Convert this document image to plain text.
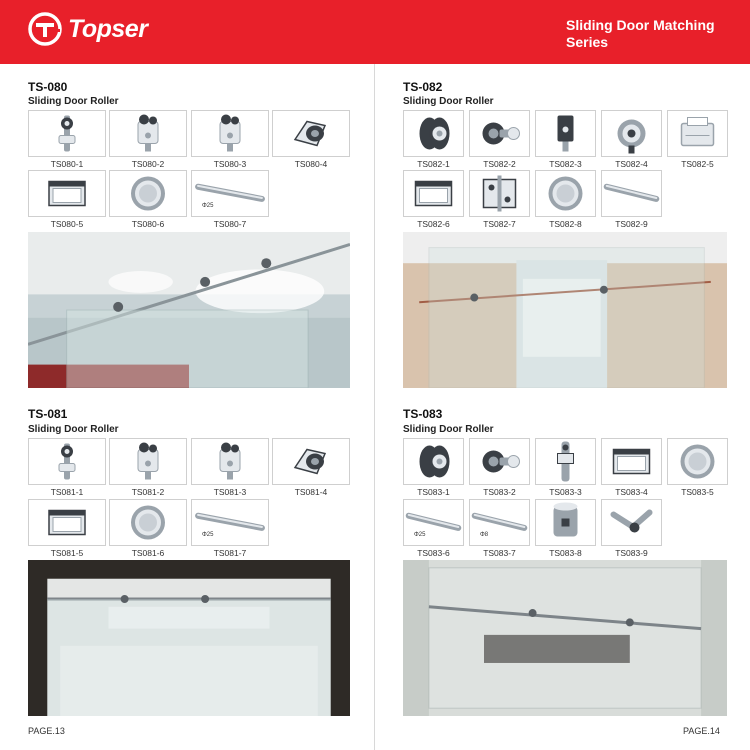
Topser	Sliding Door Matching Series
TS-080
Sliding Door Roller
TS080-1	TS080-2	TS080-3	TS080-4
TS080-5	TS080-6
Φ25
TS080-7
TS-082
Sliding Door Roller
TS082-1	TS082-2	TS082-3	TS082-4	TS082-5
TS082-6	TS082-7	TS082-8	TS082-9
TS-081
Sliding Door Roller
TS081-1	TS081-2	TS081-3	TS081-4
TS081-5	TS081-6
Φ25
TS081-7
TS-083
Sliding Door Roller
TS083-1	TS083-2	TS083-3	TS083-4	TS083-5
Φ25
TS083-6
Φ8
TS083-7	TS083-8	TS083-9
PAGE.13	PAGE.14
